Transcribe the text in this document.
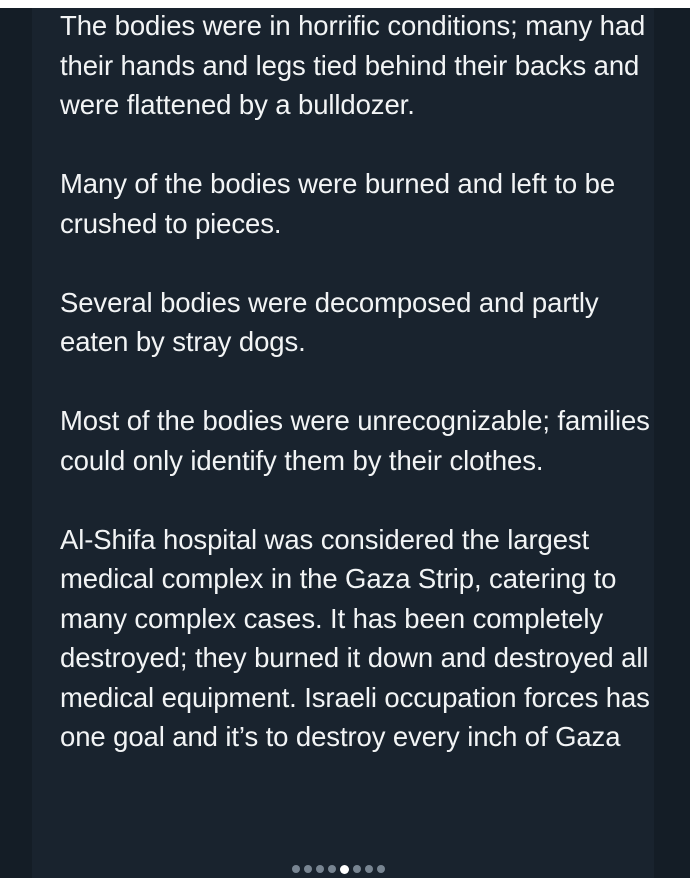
The bodies were in horrific conditions; many had their hands and legs tied behind their backs and were flattened by a bulldozer.

Many of the bodies were burned and left to be crushed to pieces.

Several bodies were decomposed and partly eaten by stray dogs.

Most of the bodies were unrecognizable; families could only identify them by their clothes.

Al-Shifa hospital was considered the largest medical complex in the Gaza Strip, catering to many complex cases. It has been completely destroyed; they burned it down and destroyed all medical equipment. Israeli occupation forces has one goal and it’s to destroy every inch of Gaza
